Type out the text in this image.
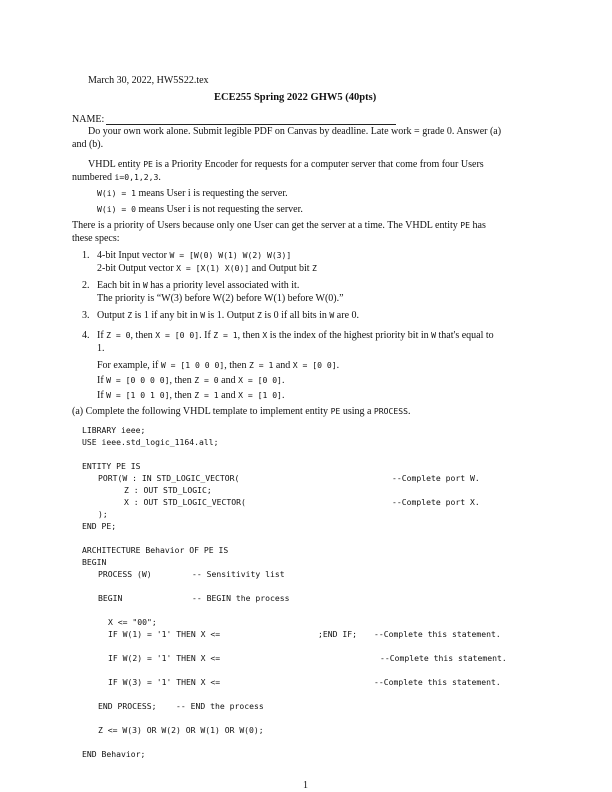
March 30, 2022, HW5S22.tex
ECE255 Spring 2022 GHW5 (40pts)
NAME:
Do your own work alone. Submit legible PDF on Canvas by deadline. Late work = grade 0. Answer (a)
and (b).
VHDL entity PE is a Priority Encoder for requests for a computer server that come from four Users
numbered i=0,1,2,3.
W(i) = 1 means User i is requesting the server.
W(i) = 0 means User i is not requesting the server.
There is a priority of Users because only one User can get the server at a time. The VHDL entity PE has
these specs:
1. 4-bit Input vector W = [W(0) W(1) W(2) W(3)]
2-bit Output vector X = [X(1) X(0)] and Output bit Z
2. Each bit in W has a priority level associated with it.
The priority is “W(3) before W(2) before W(1) before W(0).”
3. Output Z is 1 if any bit in W is 1. Output Z is 0 if all bits in W are 0.
4. If Z = 0, then X = [0 0]. If Z = 1, then X is the index of the highest priority bit in W that's equal to
1.
For example, if W = [1 0 0 0], then Z = 1 and X = [0 0].
If W = [0 0 0 0], then Z = 0 and X = [0 0].
If W = [1 0 1 0], then Z = 1 and X = [1 0].
(a) Complete the following VHDL template to implement entity PE using a PROCESS.
LIBRARY ieee;
USE ieee.std_logic_1164.all;
ENTITY PE IS
PORT(W : IN STD_LOGIC_VECTOR(	--Complete port W.
Z : OUT STD_LOGIC;
X : OUT STD_LOGIC_VECTOR(	--Complete port X.
);
END PE;
ARCHITECTURE Behavior OF PE IS
BEGIN
PROCESS (W)	-- Sensitivity list
BEGIN	-- BEGIN the process
X <= "00";
IF W(1) = '1' THEN X <=	;END IF; --Complete this statement.
IF W(2) = '1' THEN X <=	--Complete this statement.
IF W(3) = '1' THEN X <=	--Complete this statement.
END PROCESS; -- END the process
Z <= W(3) OR W(2) OR W(1) OR W(0);
END Behavior;
1
